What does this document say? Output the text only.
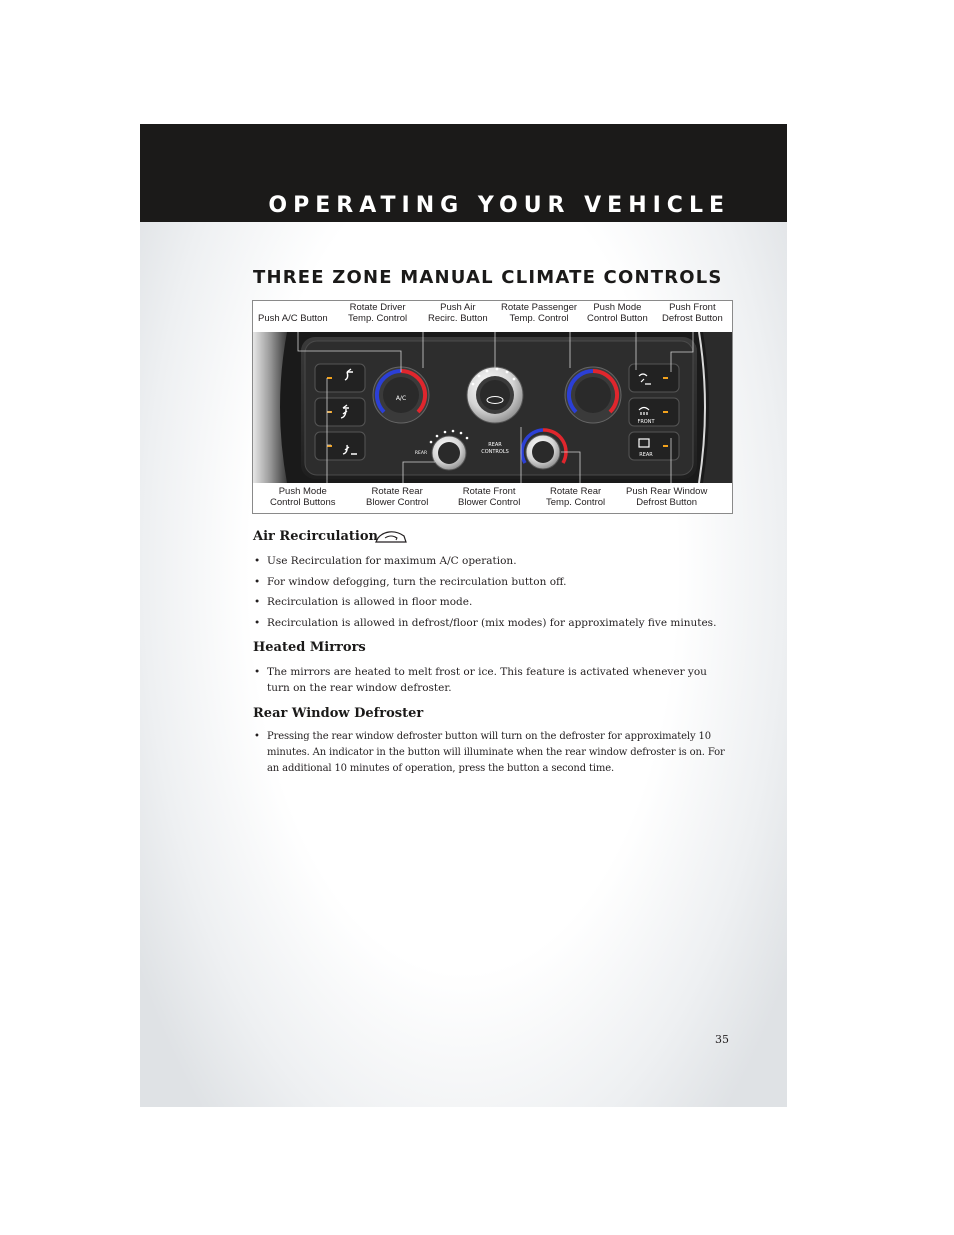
OPERATING YOUR VEHICLE
THREE ZONE MANUAL CLIMATE CONTROLS
Push A/C Button
Rotate Driver
Temp. Control
Push Air
Recirc. Button
Rotate Passenger
Temp. Control
Push Mode
Control Button
Push Front
Defrost Button
A/C
FRONT
REAR
REAR
REAR
CONTROLS
Push Mode
Control Buttons
Rotate Rear
Blower Control
Rotate Front
Blower Control
Rotate Rear
Temp. Control
Push Rear Window
Defrost Button
Air Recirculation
• Use Recirculation for maximum A/C operation.
• For window defogging, turn the recirculation button off.
• Recirculation is allowed in floor mode.
• Recirculation is allowed in defrost/floor (mix modes) for approximately five minutes.
Heated Mirrors
• The mirrors are heated to melt frost or ice. This feature is activated whenever you turn on the rear window defroster.
Rear Window Defroster
• Pressing the rear window defroster button will turn on the defroster for approximately 10 minutes. An indicator in the button will illuminate when the rear window defroster is on. For an additional 10 minutes of operation, press the button a second time.
35
